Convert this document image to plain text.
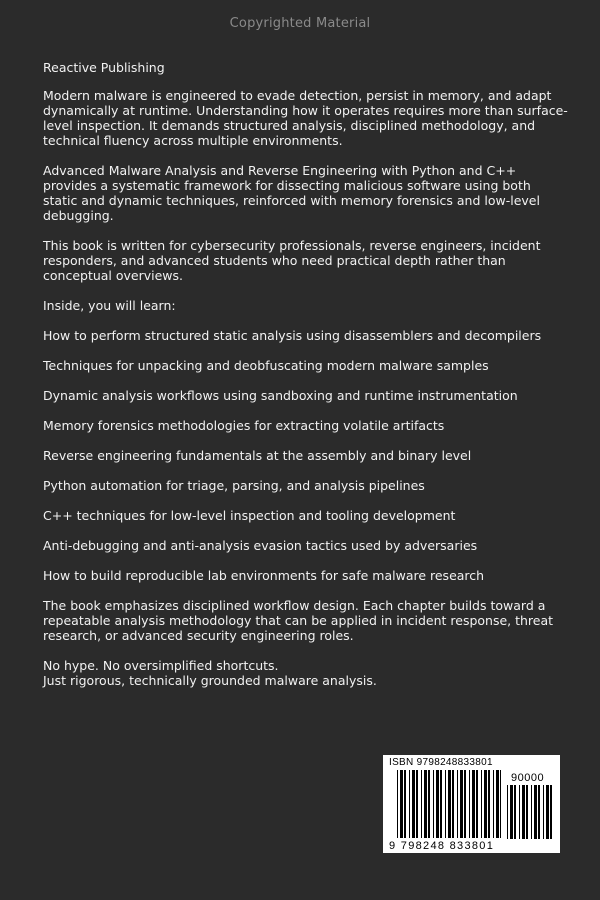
Copyrighted Material

Reactive Publishing

Modern malware is engineered to evade detection, persist in memory, and adapt dynamically at runtime. Understanding how it operates requires more than surface-level inspection. It demands structured analysis, disciplined methodology, and technical fluency across multiple environments.

Advanced Malware Analysis and Reverse Engineering with Python and C++ provides a systematic framework for dissecting malicious software using both static and dynamic techniques, reinforced with memory forensics and low-level debugging.

This book is written for cybersecurity professionals, reverse engineers, incident responders, and advanced students who need practical depth rather than conceptual overviews.

Inside, you will learn:

How to perform structured static analysis using disassemblers and decompilers

Techniques for unpacking and deobfuscating modern malware samples

Dynamic analysis workflows using sandboxing and runtime instrumentation

Memory forensics methodologies for extracting volatile artifacts

Reverse engineering fundamentals at the assembly and binary level

Python automation for triage, parsing, and analysis pipelines

C++ techniques for low-level inspection and tooling development

Anti-debugging and anti-analysis evasion tactics used by adversaries

How to build reproducible lab environments for safe malware research

The book emphasizes disciplined workflow design. Each chapter builds toward a repeatable analysis methodology that can be applied in incident response, threat research, or advanced security engineering roles.

No hype. No oversimplified shortcuts.

Just rigorous, technically grounded malware analysis.

ISBN 9798248833801
90000
9 798248 833801
